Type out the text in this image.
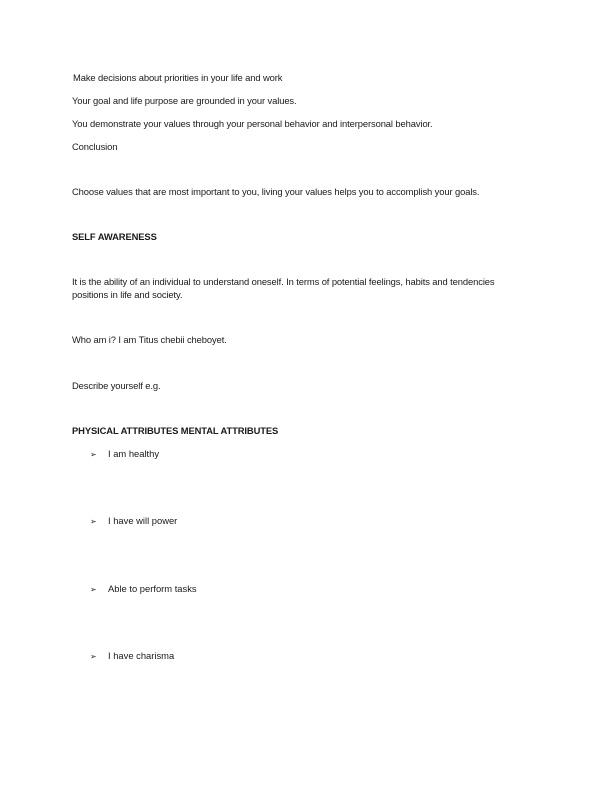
Make decisions about priorities in your life and work
Your goal and life purpose are grounded in your values.
You demonstrate your values through your personal behavior and interpersonal behavior.
Conclusion
Choose values that are most important to you, living your values helps you to accomplish your goals.
SELF AWARENESS
It is the ability of an individual to understand oneself. In terms of potential feelings, habits and tendencies positions in life and society.
Who am i? I am Titus chebii cheboyet.
Describe yourself e.g.
PHYSICAL ATTRIBUTES MENTAL ATTRIBUTES
➢ I am healthy
➢ I have will power
➢ Able to perform tasks
➢ I have charisma
